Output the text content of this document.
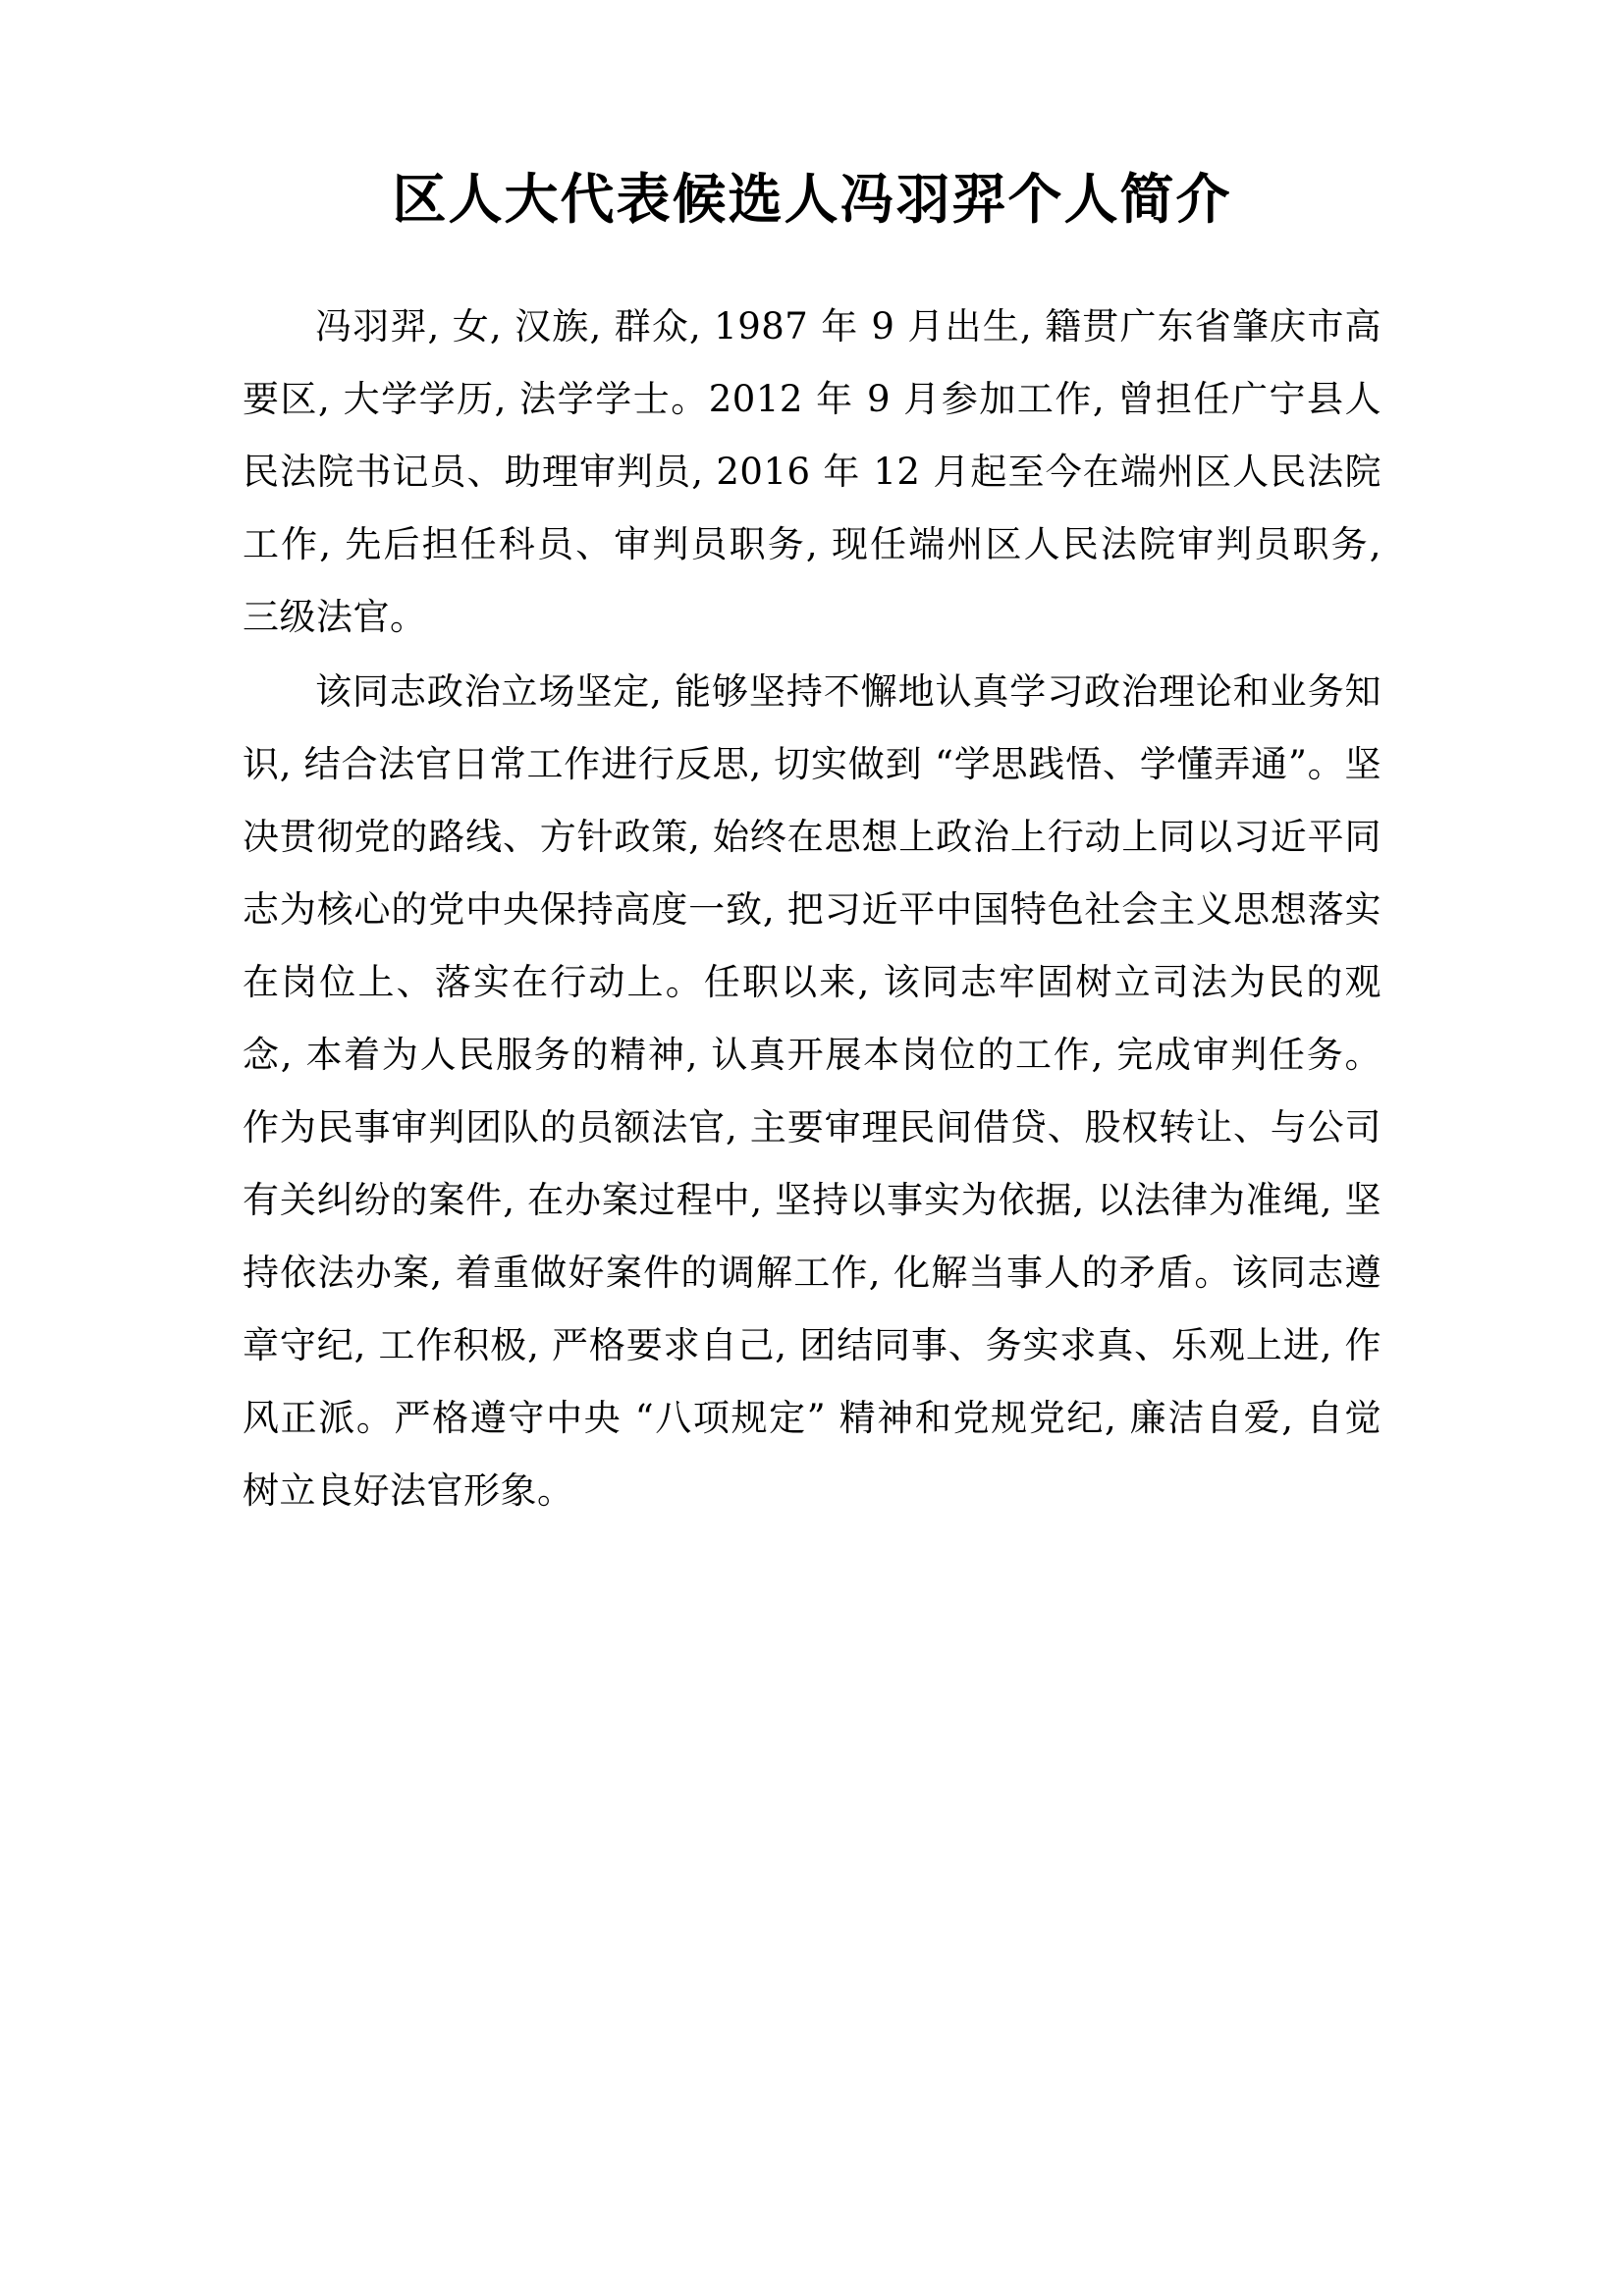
区人大代表候选人冯羽羿个人简介

冯羽羿, 女, 汉族, 群众, 1987 年 9 月出生, 籍贯广东省肇庆市高要区, 大学学历, 法学学士。2012 年 9 月参加工作, 曾担任广宁县人民法院书记员、助理审判员, 2016 年 12 月起至今在端州区人民法院工作, 先后担任科员、审判员职务, 现任端州区人民法院审判员职务, 三级法官。

该同志政治立场坚定, 能够坚持不懈地认真学习政治理论和业务知识, 结合法官日常工作进行反思, 切实做到 “学思践悟、学懂弄通”。坚决贯彻党的路线、方针政策, 始终在思想上政治上行动上同以习近平同志为核心的党中央保持高度一致, 把习近平中国特色社会主义思想落实在岗位上、落实在行动上。任职以来, 该同志牢固树立司法为民的观念, 本着为人民服务的精神, 认真开展本岗位的工作, 完成审判任务。作为民事审判团队的员额法官, 主要审理民间借贷、股权转让、与公司有关纠纷的案件, 在办案过程中, 坚持以事实为依据, 以法律为准绳, 坚持依法办案, 着重做好案件的调解工作, 化解当事人的矛盾。该同志遵章守纪, 工作积极, 严格要求自己, 团结同事、务实求真、乐观上进, 作风正派。严格遵守中央 “八项规定” 精神和党规党纪, 廉洁自爱, 自觉树立良好法官形象。
